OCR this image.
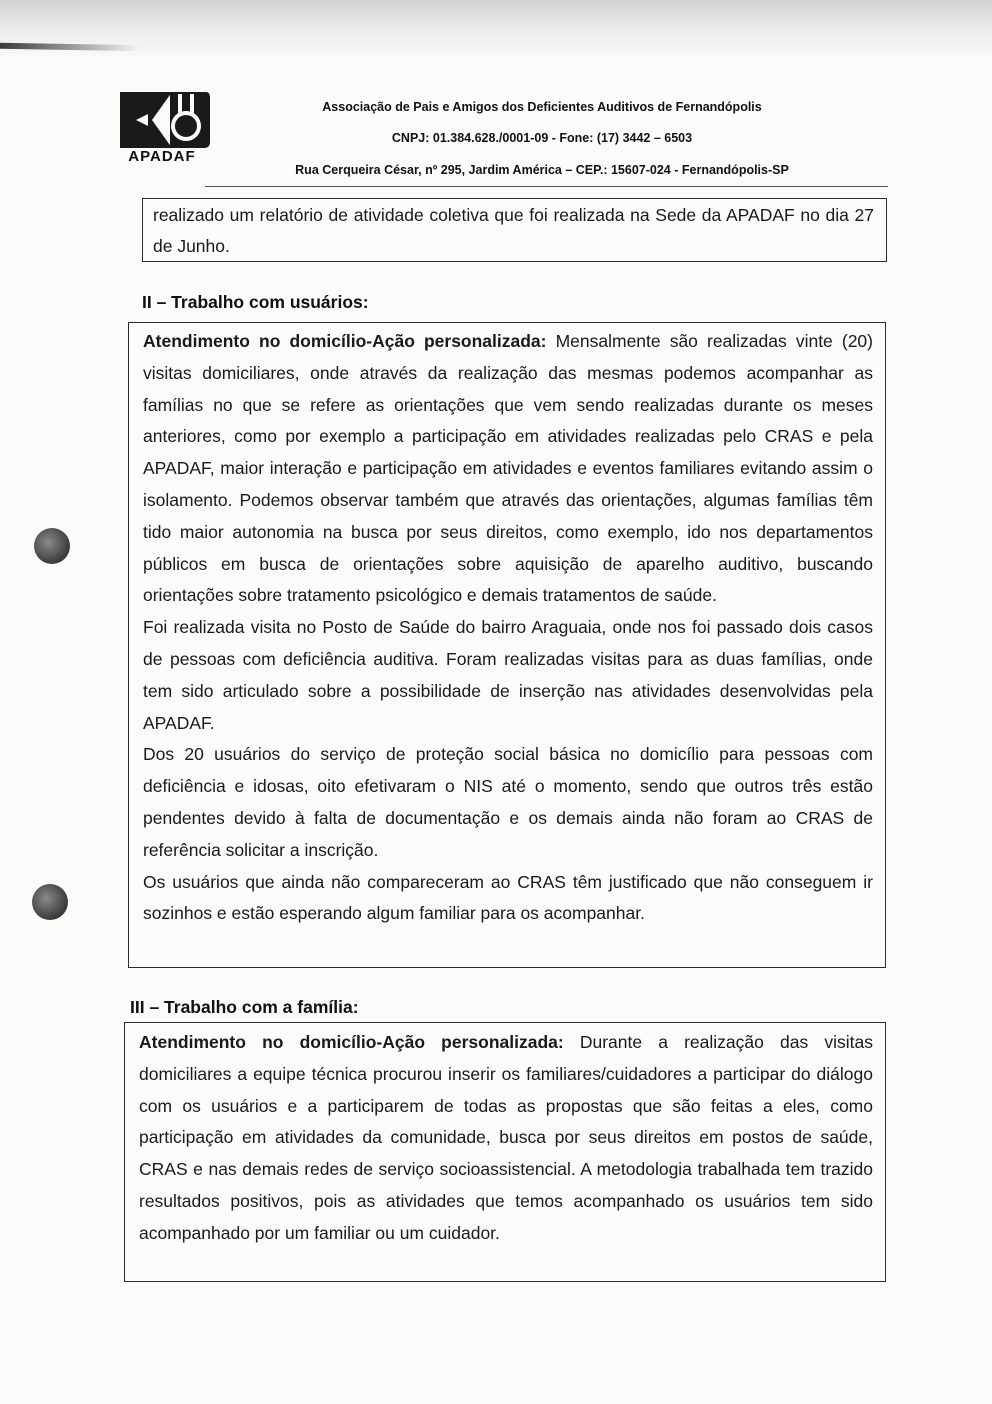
APADAF
Associação de Pais e Amigos dos Deficientes Auditivos de Fernandópolis
CNPJ: 01.384.628./0001-09 - Fone: (17) 3442 – 6503
Rua Cerqueira César, nº 295, Jardim América – CEP.: 15607-024 - Fernandópolis-SP

realizado um relatório de atividade coletiva que foi realizada na Sede da APADAF no dia 27 de Junho.

II – Trabalho com usuários:

Atendimento no domicílio-Ação personalizada: Mensalmente são realizadas vinte (20) visitas domiciliares, onde através da realização das mesmas podemos acompanhar as famílias no que se refere as orientações que vem sendo realizadas durante os meses anteriores, como por exemplo a participação em atividades realizadas pelo CRAS e pela APADAF, maior interação e participação em atividades e eventos familiares evitando assim o isolamento. Podemos observar também que através das orientações, algumas famílias têm tido maior autonomia na busca por seus direitos, como exemplo, ido nos departamentos públicos em busca de orientações sobre aquisição de aparelho auditivo, buscando orientações sobre tratamento psicológico e demais tratamentos de saúde.

Foi realizada visita no Posto de Saúde do bairro Araguaia, onde nos foi passado dois casos de pessoas com deficiência auditiva. Foram realizadas visitas para as duas famílias, onde tem sido articulado sobre a possibilidade de inserção nas atividades desenvolvidas pela APADAF.

Dos 20 usuários do serviço de proteção social básica no domicílio para pessoas com deficiência e idosas, oito efetivaram o NIS até o momento, sendo que outros três estão pendentes devido à falta de documentação e os demais ainda não foram ao CRAS de referência solicitar a inscrição.

Os usuários que ainda não compareceram ao CRAS têm justificado que não conseguem ir sozinhos e estão esperando algum familiar para os acompanhar.

III – Trabalho com a família:

Atendimento no domicílio-Ação personalizada: Durante a realização das visitas domiciliares a equipe técnica procurou inserir os familiares/cuidadores a participar do diálogo com os usuários e a participarem de todas as propostas que são feitas a eles, como participação em atividades da comunidade, busca por seus direitos em postos de saúde, CRAS e nas demais redes de serviço socioassistencial. A metodologia trabalhada tem trazido resultados positivos, pois as atividades que temos acompanhado os usuários tem sido acompanhado por um familiar ou um cuidador.
